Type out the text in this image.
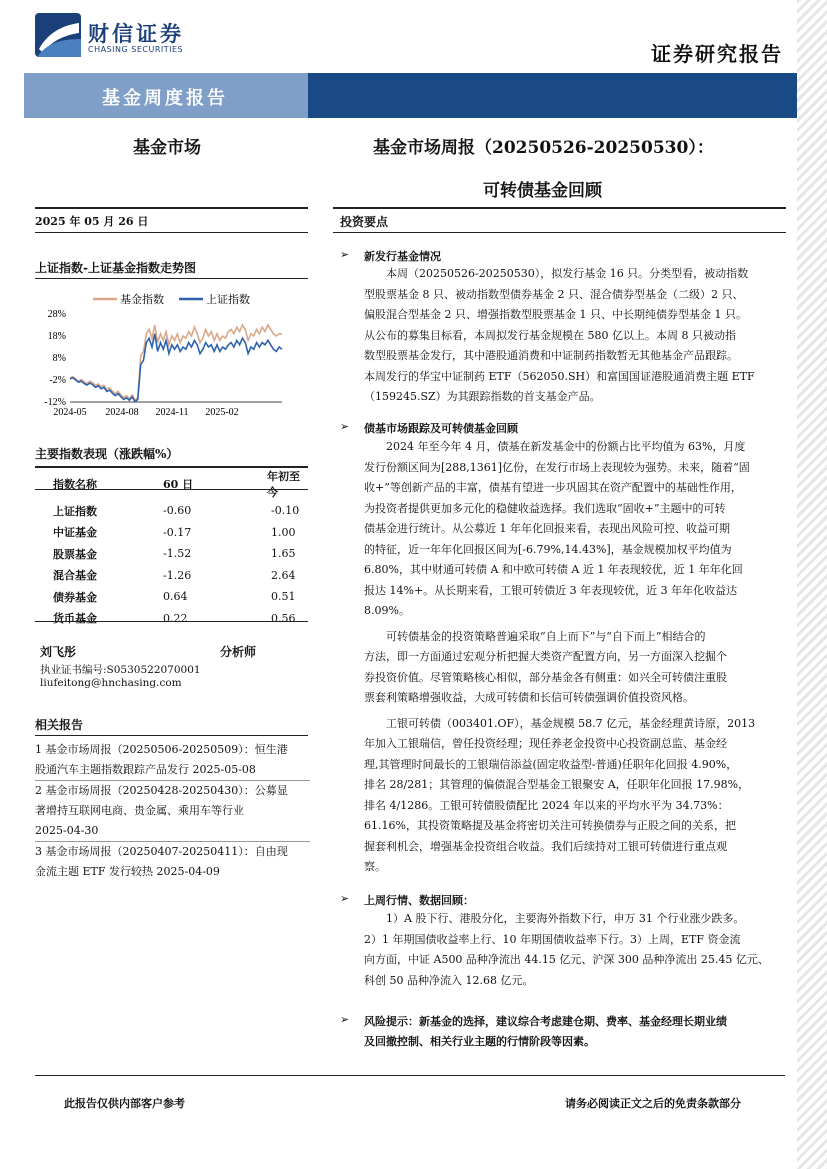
财信证券
CHASING SECURITIES	证券研究报告
基金周度报告
基金市场	基金市场周报（20250526-20250530）：
可转债基金回顾
2025 年 05 月 26 日
上证指数-上证基金指数走势图
基金指数	上证指数
-12%
-2%
8%
18%
28%
2024-05 2024-08 2024-11 2025-02
主要指数表现（涨跌幅%）
指数名称	60 日	年初至今
上证指数	-0.60	-0.10
中证基金	-0.17	1.00
股票基金	-1.52	1.65
混合基金	-1.26	2.64
债券基金	0.64	0.51
货币基金	0.22	0.56
刘飞彤	分析师
执业证书编号:S0530522070001
liufeitong@hnchasing.com
相关报告
1 基金市场周报（20250506-20250509）：恒生港
股通汽车主题指数跟踪产品发行 2025-05-08
2 基金市场周报（20250428-20250430）：公募显
著增持互联网电商、贵金属、乘用车等行业
2025-04-30
3 基金市场周报（20250407-20250411）：自由现
金流主题 ETF 发行较热 2025-04-09
投资要点
➢ 新发行基金情况
本周（20250526-20250530），拟发行基金 16 只。分类型看，被动指数
型股票基金 8 只、被动指数型债券基金 2 只、混合债券型基金（二级）2 只、
偏股混合型基金 2 只、增强指数型股票基金 1 只、中长期纯债券型基金 1 只。
从公布的募集目标看，本周拟发行基金规模在 580 亿以上。本周 8 只被动指
数型股票基金发行，其中港股通消费和中证制药指数暂无其他基金产品跟踪。
本周发行的华宝中证制药 ETF（562050.SH）和富国国证港股通消费主题 ETF
（159245.SZ）为其跟踪指数的首支基金产品。
➢ 债基市场跟踪及可转债基金回顾
2024 年至今年 4 月，债基在新发基金中的份额占比平均值为 63%，月度
发行份额区间为[288,1361]亿份，在发行市场上表现较为强势。未来，随着“固
收+”等创新产品的丰富，债基有望进一步巩固其在资产配置中的基础性作用，
为投资者提供更加多元化的稳健收益选择。我们选取“固收+”主题中的可转
债基金进行统计。从公募近 1 年年化回报来看，表现出风险可控、收益可期
的特征，近一年年化回报区间为[-6.79%,14.43%]，基金规模加权平均值为
6.80%，其中财通可转债 A 和中欧可转债 A 近 1 年表现较优，近 1 年年化回
报达 14%+。从长期来看，工银可转债近 3 年表现较优，近 3 年年化收益达
8.09%。
可转债基金的投资策略普遍采取“自上而下”与“自下而上”相结合的
方法，即一方面通过宏观分析把握大类资产配置方向，另一方面深入挖掘个
券投资价值。尽管策略核心相似，部分基金各有侧重：如兴全可转债注重股
票套利策略增强收益，大成可转债和长信可转债强调价值投资风格。
工银可转债（003401.OF），基金规模 58.7 亿元，基金经理黄诗原，2013
年加入工银瑞信，曾任投资经理；现任养老金投资中心投资副总监、基金经
理,其管理时间最长的工银瑞信添益(固定收益型-普通)任职年化回报 4.90%，
排名 28/281；其管理的偏债混合型基金工银聚安 A，任职年化回报 17.98%，
排名 4/1286。工银可转债股债配比 2024 年以来的平均水平为 34.73%：
61.16%，其投资策略提及基金将密切关注可转换债券与正股之间的关系，把
握套利机会，增强基金投资组合收益。我们后续持对工银可转债进行重点观
察。
➢ 上周行情、数据回顾：
1）A 股下行、港股分化，主要海外指数下行，申万 31 个行业涨少跌多。
2）1 年期国债收益率上行、10 年期国债收益率下行。3）上周，ETF 资金流
向方面，中证 A500 品种净流出 44.15 亿元、沪深 300 品种净流出 25.45 亿元、
科创 50 品种净流入 12.68 亿元。
➢ 风险提示：新基金的选择，建议综合考虑建仓期、费率、基金经理长期业绩
及回撤控制、相关行业主题的行情阶段等因素。
此报告仅供内部客户参考	请务必阅读正文之后的免责条款部分
